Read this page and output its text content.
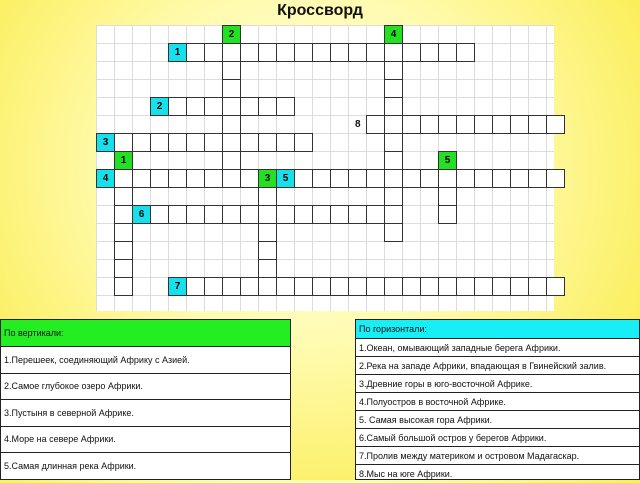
Кроссворд
2
3
4	3	5
6
2	4
1	5
1
7
8
По вертикали:
1.Перешеек, соединяющий Африку с Азией.
2.Самое глубокое озеро Африки.
3.Пустыня в северной Африке.
4.Море на севере Африки.
5.Самая длинная река Африки.
По горизонтали:
1.Океан, омывающий западные берега Африки.
2.Река на западе Африки, впадающая в Гвинейский залив.
3.Древние горы в юго-восточной Африке.
4.Полуостров в восточной Африке.
5. Самая высокая гора Африки.
6.Самый большой остров у берегов Африки.
7.Пролив между материком и островом Мадагаскар.
8.Мыс на юге Африки.
